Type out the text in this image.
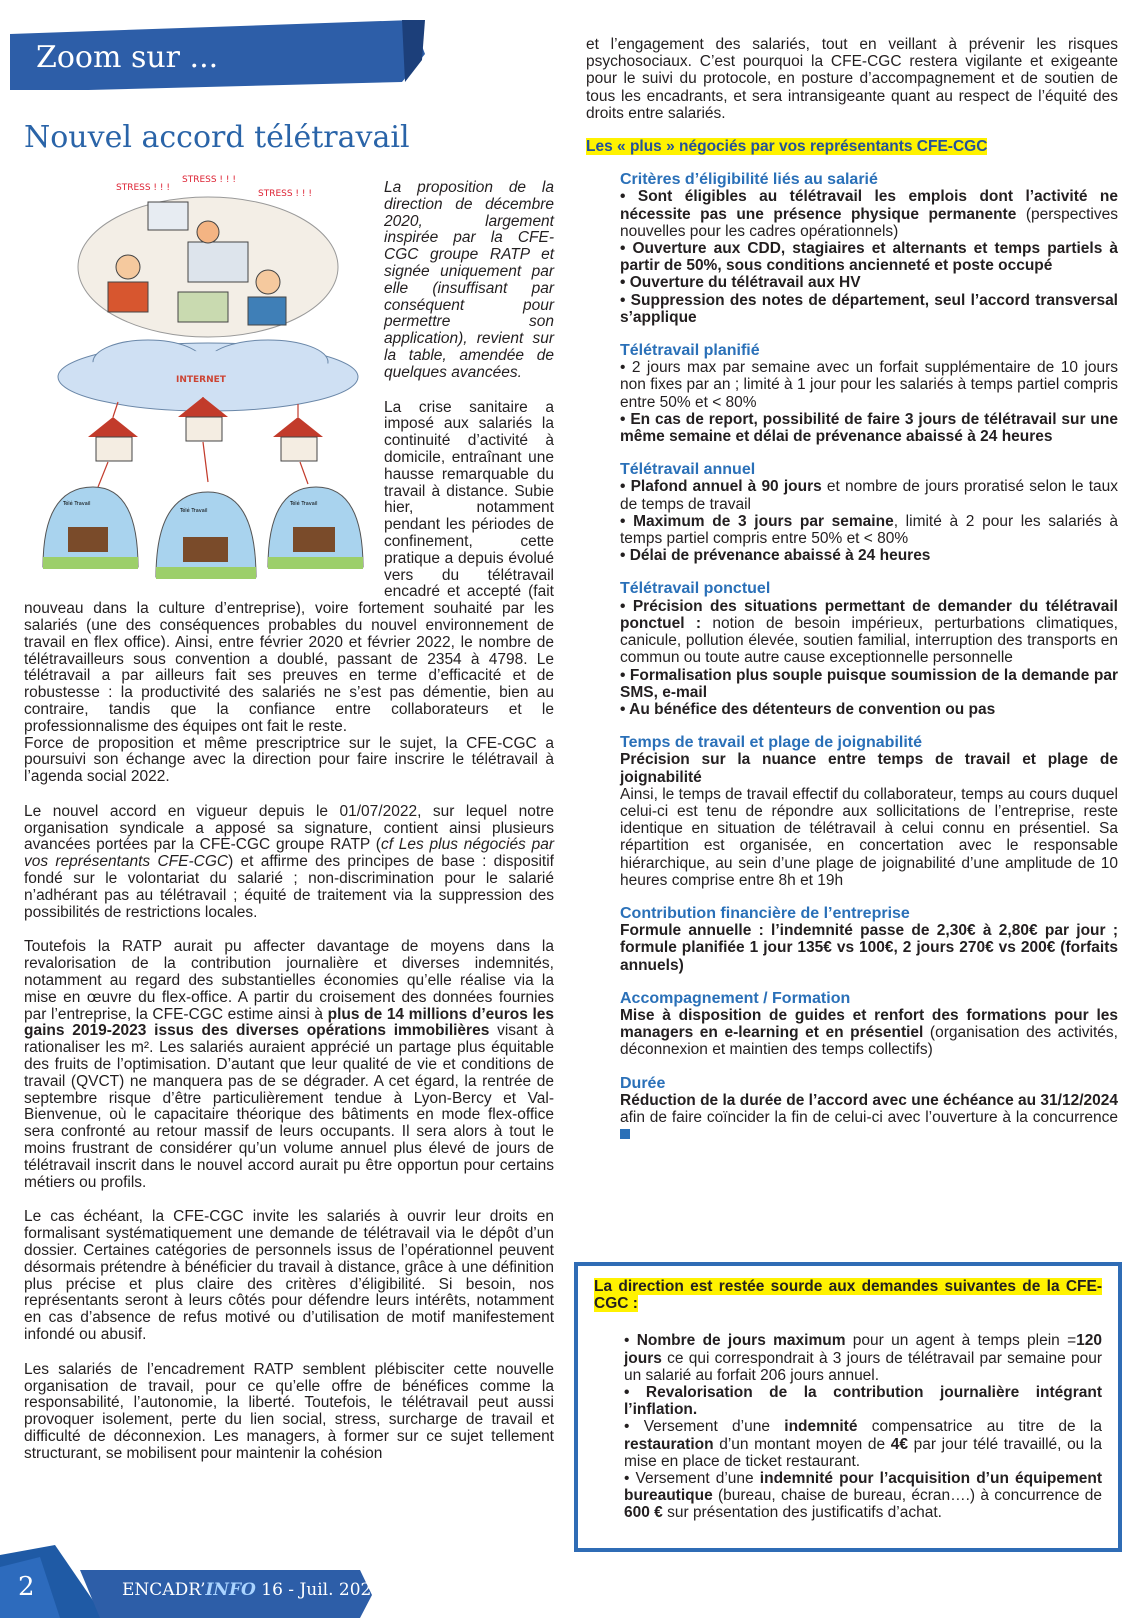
Zoom sur ...
Nouvel accord télétravail
STRESS ! ! !
STRESS ! ! !
STRESS ! ! !
INTERNET
Télé Travail
Télé Travail
Télé Travail

La proposition de la direction de décembre 2020, largement inspirée par la CFE-CGC groupe RATP et signée uniquement par elle (insuffisant par conséquent pour permettre son application), revient sur la table, amendée de quelques avancées.

La crise sanitaire a imposé aux salariés la continuité d’activité à domicile, entraînant une hausse remarquable du travail à distance. Subie hier, notamment pendant les périodes de confinement, cette pratique a depuis évolué vers du télétravail encadré et accepté (fait nouveau dans la culture d’entreprise), voire fortement souhaité par les salariés (une des conséquences probables du nouvel environnement de travail en flex office). Ainsi, entre février 2020 et février 2022, le nombre de télétravailleurs sous convention a doublé, passant de 2354 à 4798. Le télétravail a par ailleurs fait ses preuves en terme d’efficacité et de robustesse : la productivité des salariés ne s’est pas démentie, bien au contraire, tandis que la confiance entre collaborateurs et le professionnalisme des équipes ont fait le reste.

Force de proposition et même prescriptrice sur le sujet, la CFE-CGC a poursuivi son échange avec la direction pour faire inscrire le télétravail à l’agenda social 2022.

Le nouvel accord en vigueur depuis le 01/07/2022, sur lequel notre organisation syndicale a apposé sa signature, contient ainsi plusieurs avancées portées par la CFE-CGC groupe RATP (cf Les plus négociés par vos représentants CFE-CGC) et affirme des principes de base : dispositif fondé sur le volontariat du salarié ; non-discrimination pour le salarié n’adhérant pas au télétravail ; équité de traitement via la suppression des possibilités de restrictions locales.

Toutefois la RATP aurait pu affecter davantage de moyens dans la revalorisation de la contribution journalière et diverses indemnités, notamment au regard des substantielles économies qu’elle réalise via la mise en œuvre du flex-office. A partir du croisement des données fournies par l’entreprise, la CFE-CGC estime ainsi à plus de 14 millions d’euros les gains 2019-2023 issus des diverses opérations immobilières visant à rationaliser les m². Les salariés auraient apprécié un partage plus équitable des fruits de l’optimisation. D’autant que leur qualité de vie et conditions de travail (QVCT) ne manquera pas de se dégrader. A cet égard, la rentrée de septembre risque d’être particulièrement tendue à Lyon-Bercy et Val-Bienvenue, où le capacitaire théorique des bâtiments en mode flex-office sera confronté au retour massif de leurs occupants. Il sera alors à tout le moins frustrant de considérer qu’un volume annuel plus élevé de jours de télétravail inscrit dans le nouvel accord aurait pu être opportun pour certains métiers ou profils.

Le cas échéant, la CFE-CGC invite les salariés à ouvrir leur droits en formalisant systématiquement une demande de télétravail via le dépôt d’un dossier. Certaines catégories de personnels issus de l’opérationnel peuvent désormais prétendre à bénéficier du travail à distance, grâce à une définition plus précise et plus claire des critères d’éligibilité. Si besoin, nos représentants seront à leurs côtés pour défendre leurs intérêts, notamment en cas d’absence de refus motivé ou d’utilisation de motif manifestement infondé ou abusif.

Les salariés de l’encadrement RATP semblent plébisciter cette nouvelle organisation de travail, pour ce qu’elle offre de bénéfices comme la responsabilité, l’autonomie, la liberté. Toutefois, le télétravail peut aussi provoquer isolement, perte du lien social, stress, surcharge de travail et difficulté de déconnexion. Les managers, à former sur ce sujet tellement structurant, se mobilisent pour maintenir la cohésion

et l’engagement des salariés, tout en veillant à prévenir les risques psychosociaux. C’est pourquoi la CFE-CGC restera vigilante et exigeante pour le suivi du protocole, en posture d’accompagnement et de soutien de tous les encadrants, et sera intransigeante quant au respect de l’équité des droits entre salariés.

Les « plus » négociés par vos représentants CFE-CGC

Critères d’éligibilité liés au salarié

• Sont éligibles au télétravail les emplois dont l’activité ne nécessite pas une présence physique permanente (perspectives nouvelles pour les cadres opérationnels)

• Ouverture aux CDD, stagiaires et alternants et temps partiels à partir de 50%, sous conditions ancienneté et poste occupé

• Ouverture du télétravail aux HV

• Suppression des notes de département, seul l’accord transversal s’applique

Télétravail planifié

• 2 jours max par semaine avec un forfait supplémentaire de 10 jours non fixes par an ; limité à 1 jour pour les salariés à temps partiel compris entre 50% et < 80%

• En cas de report, possibilité de faire 3 jours de télétravail sur une même semaine et délai de prévenance abaissé à 24 heures

Télétravail annuel

• Plafond annuel à 90 jours et nombre de jours proratisé selon le taux de temps de travail

• Maximum de 3 jours par semaine, limité à 2 pour les salariés à temps partiel compris entre 50% et < 80%

• Délai de prévenance abaissé à 24 heures

Télétravail ponctuel

• Précision des situations permettant de demander du télétravail ponctuel : notion de besoin impérieux, perturbations climatiques, canicule, pollution élevée, soutien familial, interruption des transports en commun ou toute autre cause exceptionnelle personnelle

• Formalisation plus souple puisque soumission de la demande par SMS, e-mail

• Au bénéfice des détenteurs de convention ou pas

Temps de travail et plage de joignabilité

Précision sur la nuance entre temps de travail et plage de joignabilité

Ainsi, le temps de travail effectif du collaborateur, temps au cours duquel celui-ci est tenu de répondre aux sollicitations de l’entreprise, reste identique en situation de télétravail à celui connu en présentiel. Sa répartition est organisée, en concertation avec le responsable hiérarchique, au sein d’une plage de joignabilité d’une amplitude de 10 heures comprise entre 8h et 19h

Contribution financière de l’entreprise

Formule annuelle : l’indemnité passe de 2,30€ à 2,80€ par jour ; formule planifiée 1 jour 135€ vs 100€, 2 jours 270€ vs 200€ (forfaits annuels)

Accompagnement / Formation

Mise à disposition de guides et renfort des formations pour les managers en e-learning et en présentiel (organisation des activités, déconnexion et maintien des temps collectifs)

Durée

Réduction de la durée de l’accord avec une échéance au 31/12/2024 afin de faire coïncider la fin de celui-ci avec l’ouverture à la concurrence

La direction est restée sourde aux demandes suivantes de la CFE-CGC :
• Nombre de jours maximum pour un agent à temps plein =120 jours ce qui correspondrait à 3 jours de télétravail par semaine pour un salarié au forfait 206 jours annuel.
• Revalorisation de la contribution journalière intégrant l’inflation.
• Versement d’une indemnité compensatrice au titre de la restauration d’un montant moyen de 4€ par jour télé travaillé, ou la mise en place de ticket restaurant.
• Versement d’une indemnité pour l’acquisition d’un équipement bureautique (bureau, chaise de bureau, écran….) à concurrence de 600 € sur présentation des justificatifs d’achat.
2	ENCADR’INFO 16 - Juil. 2022
